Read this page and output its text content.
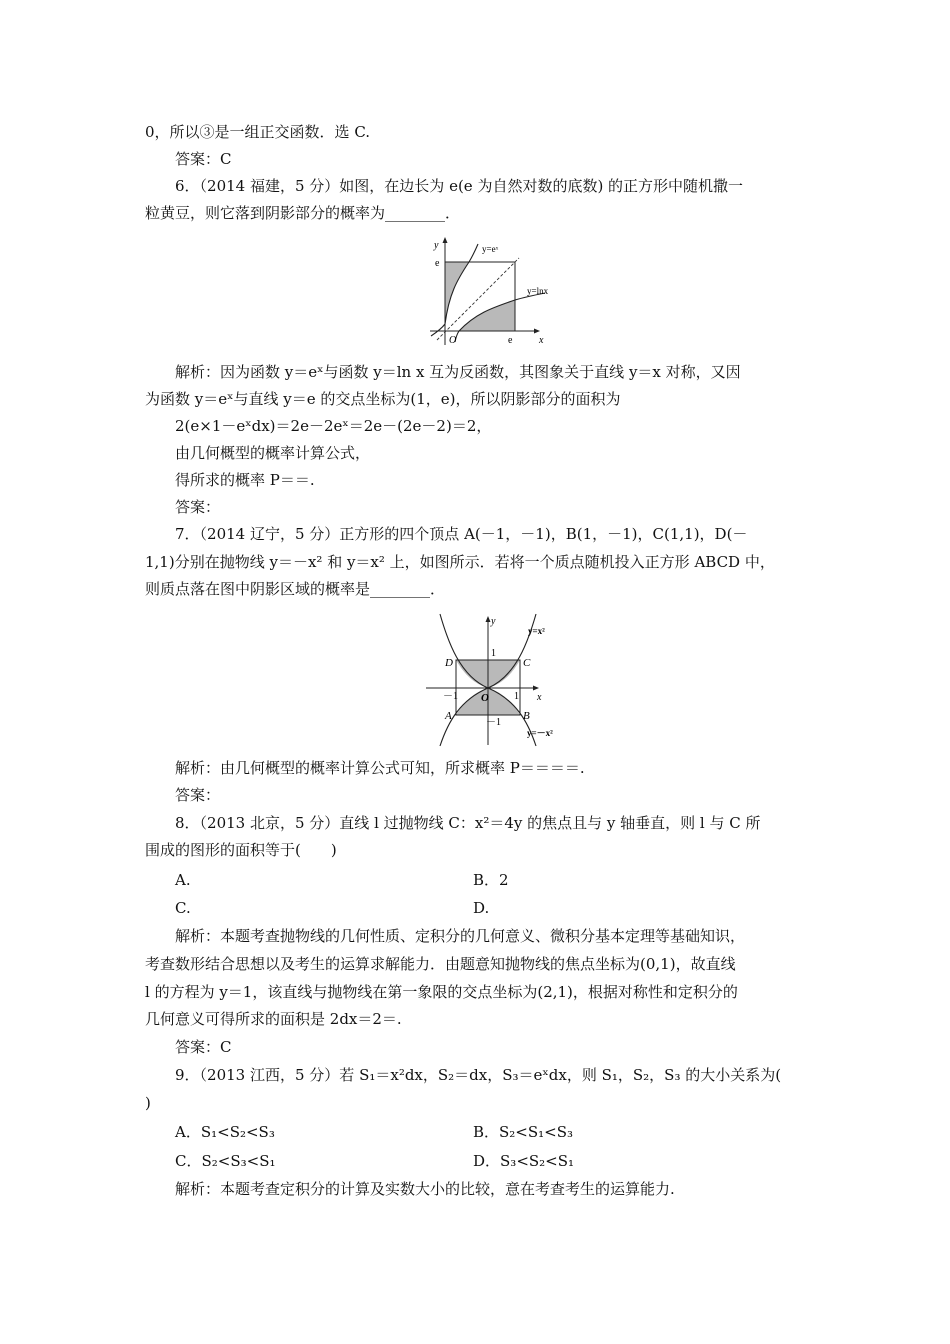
0，所以③是一组正交函数．选 C.
答案：C
6．（2014 福建，5 分）如图，在边长为 e(e 为自然对数的底数) 的正方形中随机撒一
粒黄豆，则它落到阴影部分的概率为________．
y
x
O
e
e
y=eˣ
y=lnx
解析：因为函数 y＝eˣ与函数 y＝ln x 互为反函数，其图象关于直线 y＝x 对称，又因
为函数 y＝eˣ与直线 y＝e 的交点坐标为(1，e)，所以阴影部分的面积为
2(e×1－eˣdx)＝2e－2eˣ＝2e－(2e－2)＝2，
由几何概型的概率计算公式，
得所求的概率 P＝＝.
答案：
7．（2014 辽宁，5 分）正方形的四个顶点 A(－1，－1)，B(1，－1)，C(1,1)，D(－
1,1)分别在抛物线 y＝－x² 和 y＝x² 上，如图所示．若将一个质点随机投入正方形 ABCD 中，
则质点落在图中阴影区域的概率是________．
y
x
O
y=x²
y=－x²
D	C
A	B
1
－1
－1	1
解析：由几何概型的概率计算公式可知，所求概率 P＝＝＝＝.
答案：
8．（2013 北京，5 分）直线 l 过抛物线 C：x²＝4y 的焦点且与 y 轴垂直，则 l 与 C 所
围成的图形的面积等于(　　)
A.	B．2
C.	D.
解析：本题考查抛物线的几何性质、定积分的几何意义、微积分基本定理等基础知识，
考查数形结合思想以及考生的运算求解能力．由题意知抛物线的焦点坐标为(0,1)，故直线
l 的方程为 y＝1，该直线与抛物线在第一象限的交点坐标为(2,1)，根据对称性和定积分的
几何意义可得所求的面积是 2dx＝2＝.
答案：C
9．（2013 江西，5 分）若 S₁＝x²dx，S₂＝dx，S₃＝eˣdx，则 S₁，S₂，S₃ 的大小关系为(
)
A．S₁<S₂<S₃	B．S₂<S₁<S₃
C．S₂<S₃<S₁	D．S₃<S₂<S₁
解析：本题考查定积分的计算及实数大小的比较，意在考查考生的运算能力.
